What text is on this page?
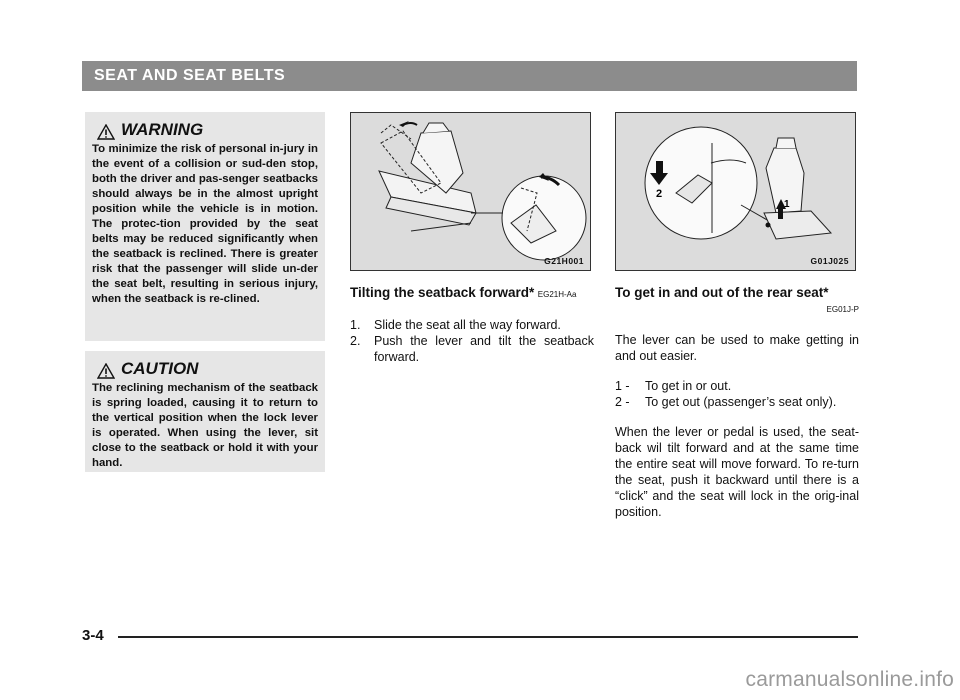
SEAT AND SEAT BELTS
WARNING
To minimize the risk of personal in-jury in the event of a collision or sud-den stop, both the driver and pas-senger seatbacks should always be in the almost upright position while the vehicle is in motion. The protec-tion provided by the seat belts may be reduced significantly when the seatback is reclined. There is greater risk that the passenger will slide un-der the seat belt, resulting in serious injury, when the seatback is re-clined.
CAUTION
The reclining mechanism of the seatback is spring loaded, causing it to return to the vertical position when the lock lever is operated. When using the lever, sit close to the seatback or hold it with your hand.
G21H001
2
1
G01J025
Tilting the seatback forward* EG21H-Aa
1.	Slide the seat all the way forward.
2.	Push the lever and tilt the seatback forward.
To get in and out of the rear seat*
EG01J-P

The lever can be used to make getting in and out easier.

1 -	To get in or out.
2 -	To get out (passenger’s seat only).

When the lever or pedal is used, the seat-back wil tilt forward and at the same time the entire seat will move forward. To re-turn the seat, push it backward until there is a “click” and the seat will lock in the orig-inal position.

3-4
carmanualsonline.info
